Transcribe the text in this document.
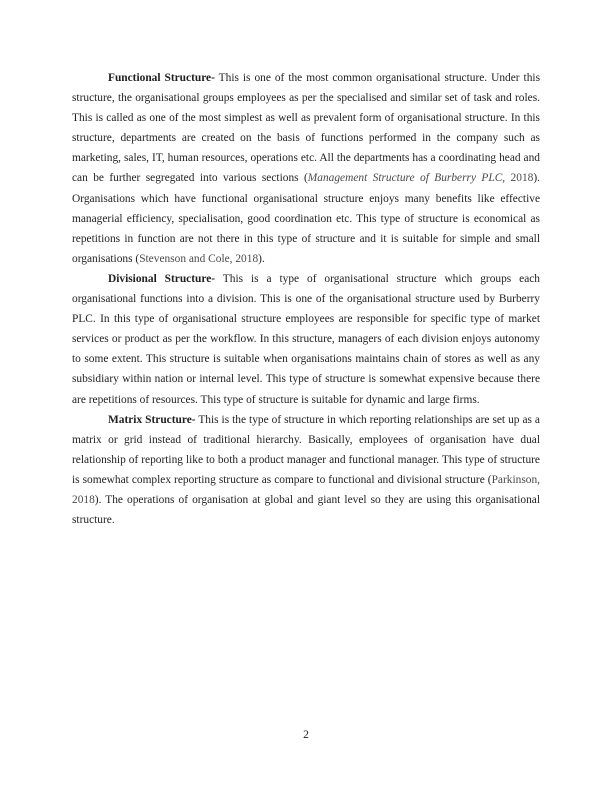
Functional Structure- This is one of the most common organisational structure. Under this structure, the organisational groups employees as per the specialised and similar set of task and roles. This is called as one of the most simplest as well as prevalent form of organisational structure. In this structure, departments are created on the basis of functions performed in the company such as marketing, sales, IT, human resources, operations etc. All the departments has a coordinating head and can be further segregated into various sections (Management Structure of Burberry PLC, 2018). Organisations which have functional organisational structure enjoys many benefits like effective managerial efficiency, specialisation, good coordination etc. This type of structure is economical as repetitions in function are not there in this type of structure and it is suitable for simple and small organisations (Stevenson and Cole, 2018).

Divisional Structure- This is a type of organisational structure which groups each organisational functions into a division. This is one of the organisational structure used by Burberry PLC. In this type of organisational structure employees are responsible for specific type of market services or product as per the workflow. In this structure, managers of each division enjoys autonomy to some extent. This structure is suitable when organisations maintains chain of stores as well as any subsidiary within nation or internal level. This type of structure is somewhat expensive because there are repetitions of resources. This type of structure is suitable for dynamic and large firms.

Matrix Structure- This is the type of structure in which reporting relationships are set up as a matrix or grid instead of traditional hierarchy. Basically, employees of organisation have dual relationship of reporting like to both a product manager and functional manager. This type of structure is somewhat complex reporting structure as compare to functional and divisional structure (Parkinson, 2018). The operations of organisation at global and giant level so they are using this organisational structure.

2
